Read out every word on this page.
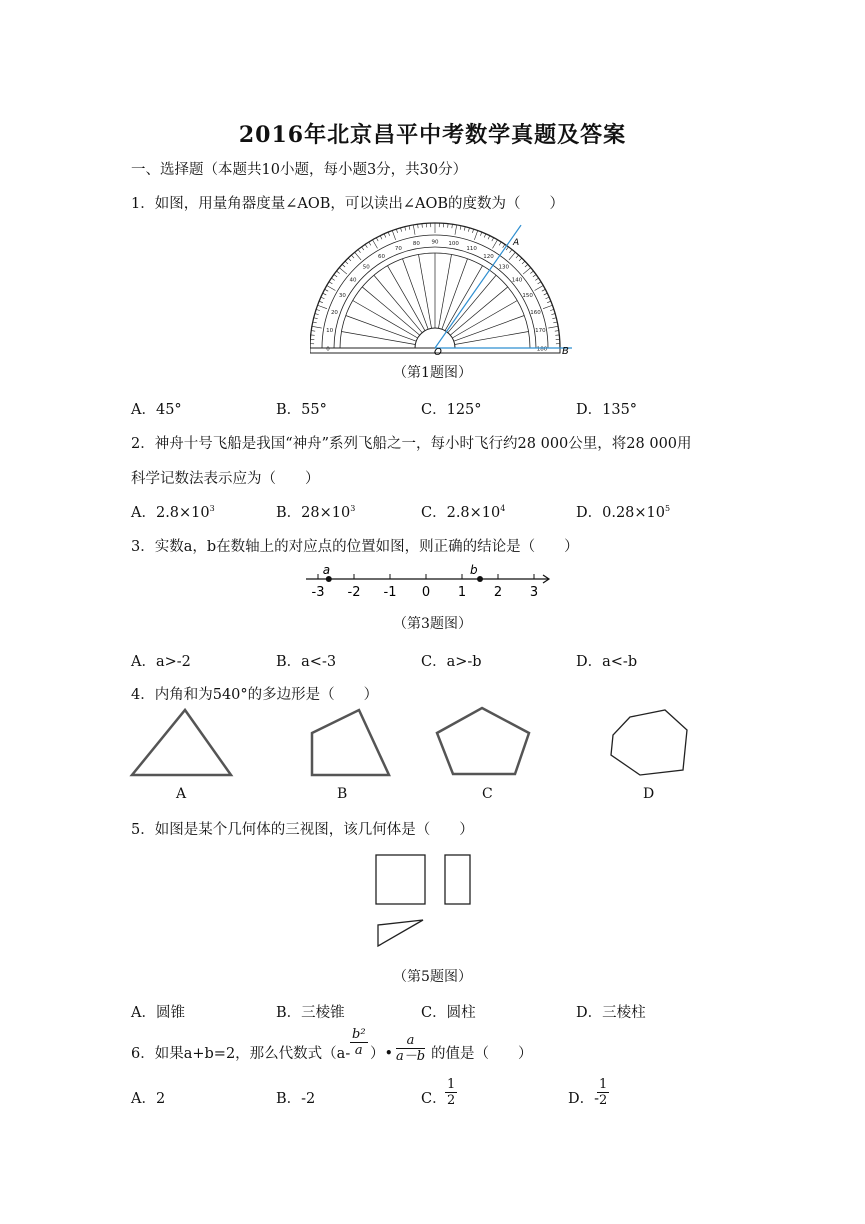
2016年北京昌平中考数学真题及答案
一、选择题（本题共10小题，每小题3分，共30分）
1．如图，用量角器度量∠AOB，可以读出∠AOB的度数为（　　）
0
10
20
30
40
50
60
70
80 90 100
110
120
130
140
150
160
170
180
O	B
A
（第1题图）
A．45°	B．55°	C．125°	D．135°
2．神舟十号飞船是我国“神舟”系列飞船之一，每小时飞行约28 000公里，将28 000用
科学记数法表示应为（　　）
A．$2.8\times 10^3$	B．$28\times 10^3$	C．$2.8\times 10^4$	D．$0.28\times 10^5$
3．实数a，b在数轴上的对应点的位置如图，则正确的结论是（　　）
-3 -2 -1 0 1 2 3
a	b
（第3题图）
A．a>-2	B．a<-3	C．a>-b	D．a<-b
4．内角和为540°的多边形是（　　）
A	B	C	D
5．如图是某个几何体的三视图，该几何体是（　　）
（第5题图）
A．圆锥	B．三棱锥	C．圆柱	D．三棱柱
6．如果a+b=2，那么代数式（$a- \frac{\text{b²}}{a}$ ）• $\frac{a}{a-b}$ 的值是（　　）
A．2	B．-2	C．
$\frac{1}{2}$	D．-
$\frac{1}{2}$
